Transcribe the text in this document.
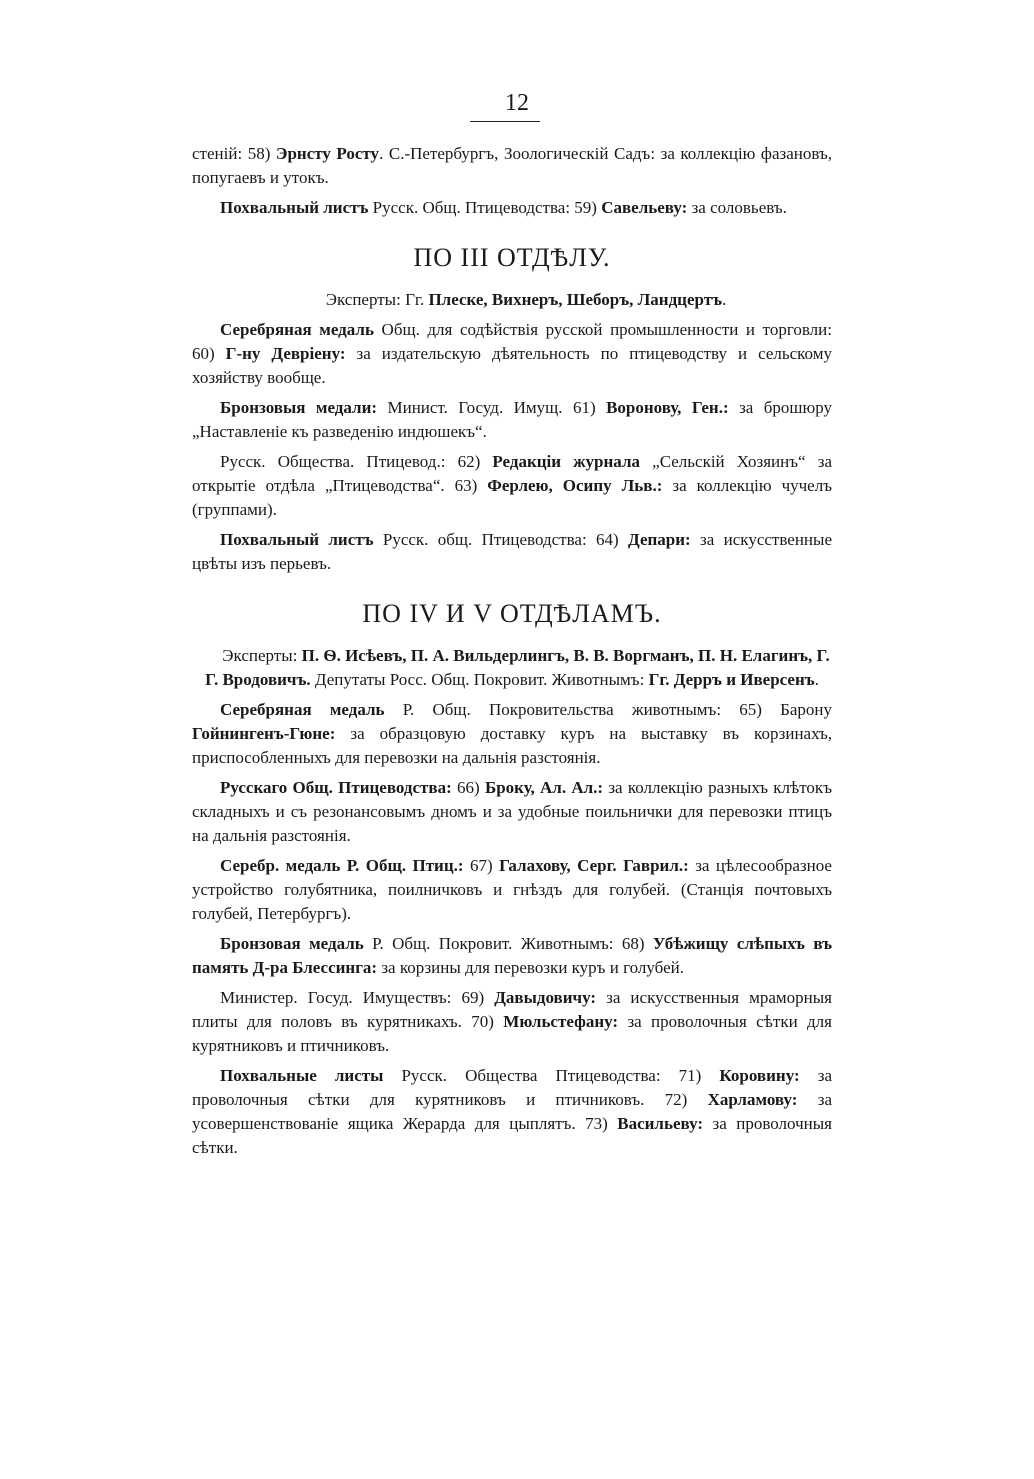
12

стеній: 58) Эрнсту Росту. С.-Петербургъ, Зоологическій Садъ: за коллекцію фазановъ, попугаевъ и утокъ.

Похвальный листъ Русск. Общ. Птицеводства: 59) Савельеву: за соловьевъ.

ПО III ОТДѢЛУ.

Эксперты: Гг. Плеске, Вихнеръ, Шеборъ, Ландцертъ.

Серебряная медаль Общ. для содѣйствія русской промышленности и торговли: 60) Г-ну Девріену: за издательскую дѣятельность по птицеводству и сельскому хозяйству вообще.

Бронзовыя медали: Минист. Госуд. Имущ. 61) Воронову, Ген.: за брошюру „Наставленіе къ разведенію индюшекъ“.

Русск. Общества. Птицевод.: 62) Редакціи журнала „Сельскій Хозяинъ“ за открытіе отдѣла „Птицеводства“. 63) Ферлею, Осипу Льв.: за коллекцію чучелъ (группами).

Похвальный листъ Русск. общ. Птицеводства: 64) Депари: за искусственные цвѣты изъ перьевъ.

ПО IV И V ОТДѢЛАМЪ.

Эксперты: П. Ѳ. Исѣевъ, П. А. Вильдерлингъ, В. В. Воргманъ, П. Н. Елагинъ, Г. Г. Вродовичъ. Депутаты Росс. Общ. Покровит. Животнымъ: Гг. Дерръ и Иверсенъ.

Серебряная медаль Р. Общ. Покровительства животнымъ: 65) Барону Гойнингенъ-Гюне: за образцовую доставку куръ на выставку въ корзинахъ, приспособленныхъ для перевозки на дальнія разстоянія.

Русскаго Общ. Птицеводства: 66) Броку, Ал. Ал.: за коллекцію разныхъ клѣтокъ складныхъ и съ резонансовымъ дномъ и за удобные поильнички для перевозки птицъ на дальнія разстоянія.

Серебр. медаль Р. Общ. Птиц.: 67) Галахову, Серг. Гаврил.: за цѣлесообразное устройство голубятника, поилничковъ и гнѣздъ для голубей. (Станція почтовыхъ голубей, Петербургъ).

Бронзовая медаль Р. Общ. Покровит. Животнымъ: 68) Убѣжищу слѣпыхъ въ память Д-ра Блессинга: за корзины для перевозки куръ и голубей.

Министер. Госуд. Имуществъ: 69) Давыдовичу: за искусственныя мраморныя плиты для половъ въ курятникахъ. 70) Мюльстефану: за проволочныя сѣтки для курятниковъ и птичниковъ.

Похвальные листы Русск. Общества Птицеводства: 71) Коровину: за проволочныя сѣтки для курятниковъ и птичниковъ. 72) Харламову: за усовершенствованіе ящика Жерарда для цыплятъ. 73) Васильеву: за проволочныя сѣтки.
